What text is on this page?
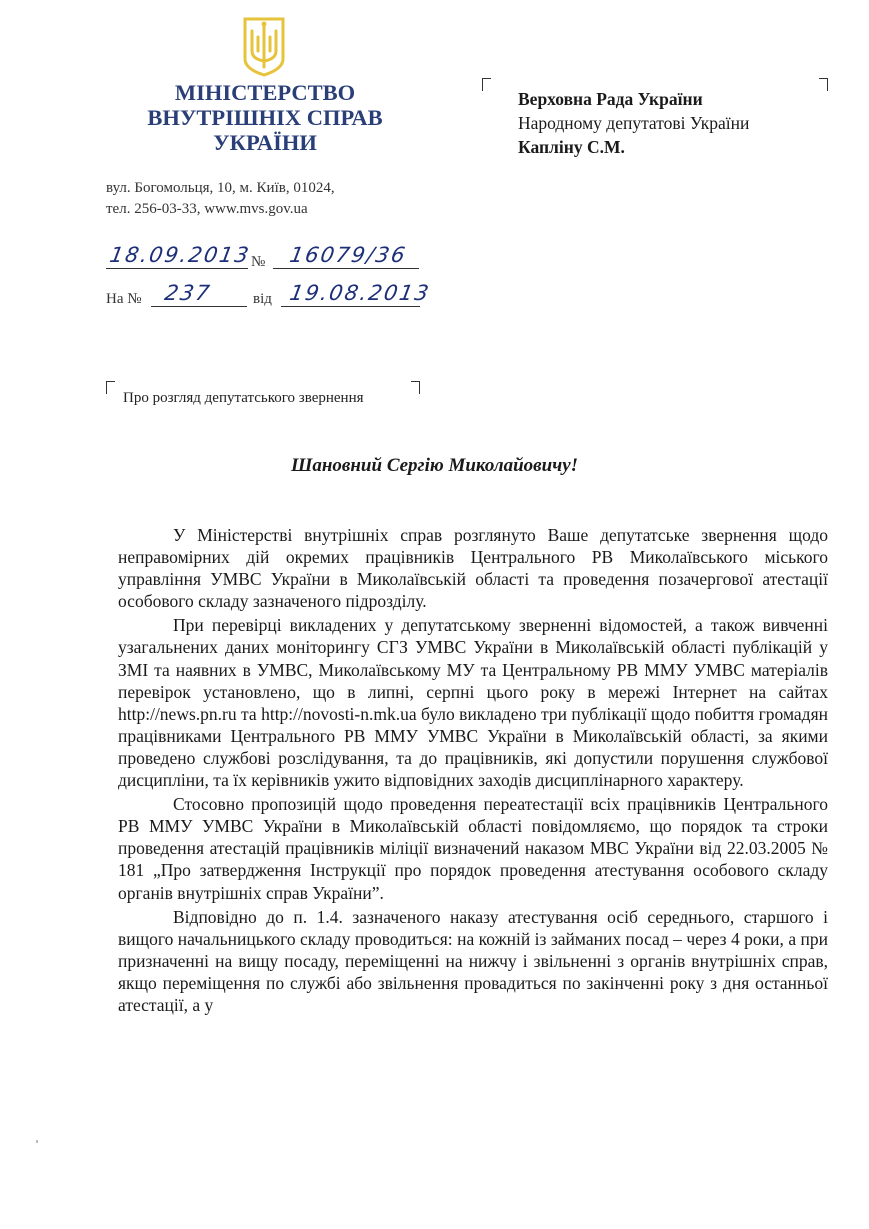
МІНІСТЕРСТВО
ВНУТРІШНІХ СПРАВ
УКРАЇНИ
вул. Богомольця, 10, м. Київ, 01024,
тел. 256-03-33, www.mvs.gov.ua
18.09.2013
№ 16079/36
На № 237	від 19.08.2013
Верховна Рада України
Народному депутатові України
Капліну С.М.
Про розгляд депутатського звернення
Шановний Сергію Миколайовичу!

У Міністерстві внутрішніх справ розглянуто Ваше депутатське звернення щодо неправомірних дій окремих працівників Центрального РВ Миколаївського міського управління УМВС України в Миколаївській області та проведення позачергової атестації особового складу зазначеного підрозділу.

При перевірці викладених у депутатському зверненні відомостей, а також вивченні узагальнених даних моніторингу СГЗ УМВС України в Миколаївській області публікацій у ЗМІ та наявних в УМВС, Миколаївському МУ та Центральному РВ ММУ УМВС матеріалів перевірок установлено, що в липні, серпні цього року в мережі Інтернет на сайтах http://news.pn.ru та http://novosti-n.mk.ua було викладено три публікації щодо побиття громадян працівниками Центрального РВ ММУ УМВС України в Миколаївській області, за якими проведено службові розслідування, та до працівників, які допустили порушення службової дисципліни, та їх керівників ужито відповідних заходів дисциплінарного характеру.

Стосовно пропозицій щодо проведення переатестації всіх працівників Центрального РВ ММУ УМВС України в Миколаївській області повідомляємо, що порядок та строки проведення атестацій працівників міліції визначений наказом МВС України від 22.03.2005 № 181 „Про затвердження Інструкції про порядок проведення атестування особового складу органів внутрішніх справ України”.

Відповідно до п. 1.4. зазначеного наказу атестування осіб середнього, старшого і вищого начальницького складу проводиться: на кожній із займаних посад – через 4 роки, а при призначенні на вищу посаду, переміщенні на нижчу і звільненні з органів внутрішніх справ, якщо переміщення по службі або звільнення провадиться по закінченні року з дня останньої атестації, а у
